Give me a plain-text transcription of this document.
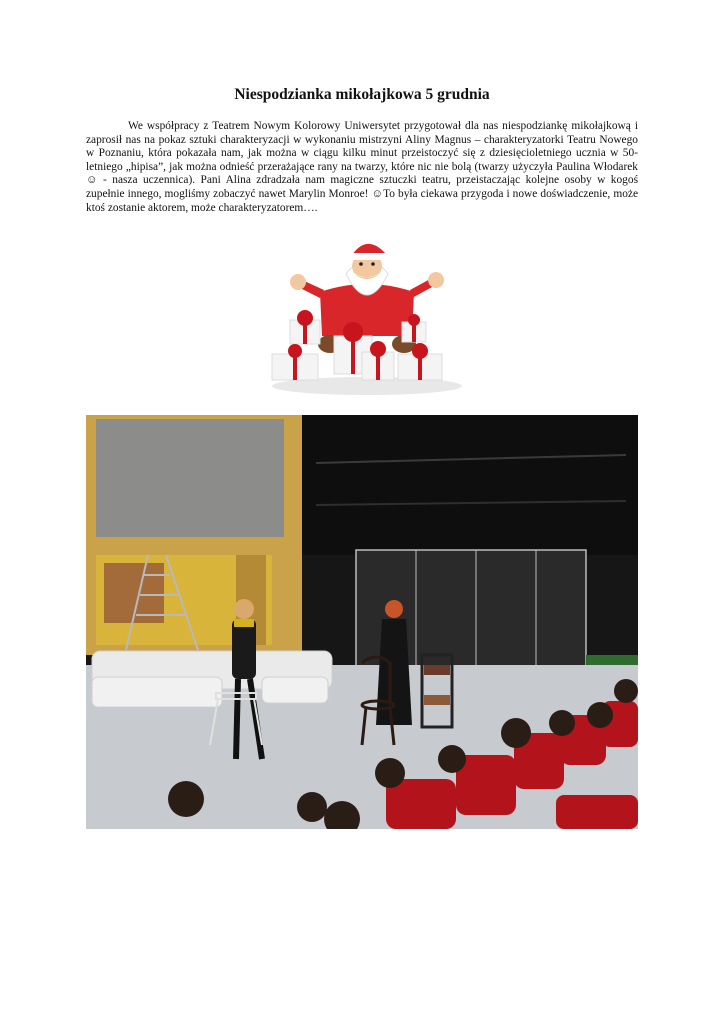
Niespodzianka mikołajkowa 5 grudnia

We współpracy z Teatrem Nowym Kolorowy Uniwersytet przygotował dla nas niespodziankę mikołajkową i zaprosił nas na pokaz sztuki charakteryzacji w wykonaniu mistrzyni Aliny Magnus – charakteryzatorki Teatru Nowego w Poznaniu, która pokazała nam, jak można w ciągu kilku minut przeistoczyć się z dziesięcioletniego ucznia w 50-letniego „hipisa”, jak można odnieść przerażające rany na twarzy, które nic nie bolą (twarzy użyczyła Paulina Włodarek ☺ - nasza uczennica). Pani Alina zdradzała nam magiczne sztuczki teatru, przeistaczając kolejne osoby w kogoś zupełnie innego, mogliśmy zobaczyć nawet Marylin Monroe! ☺To była ciekawa przygoda i nowe doświadczenie, może ktoś zostanie aktorem, może charakteryzatorem….
